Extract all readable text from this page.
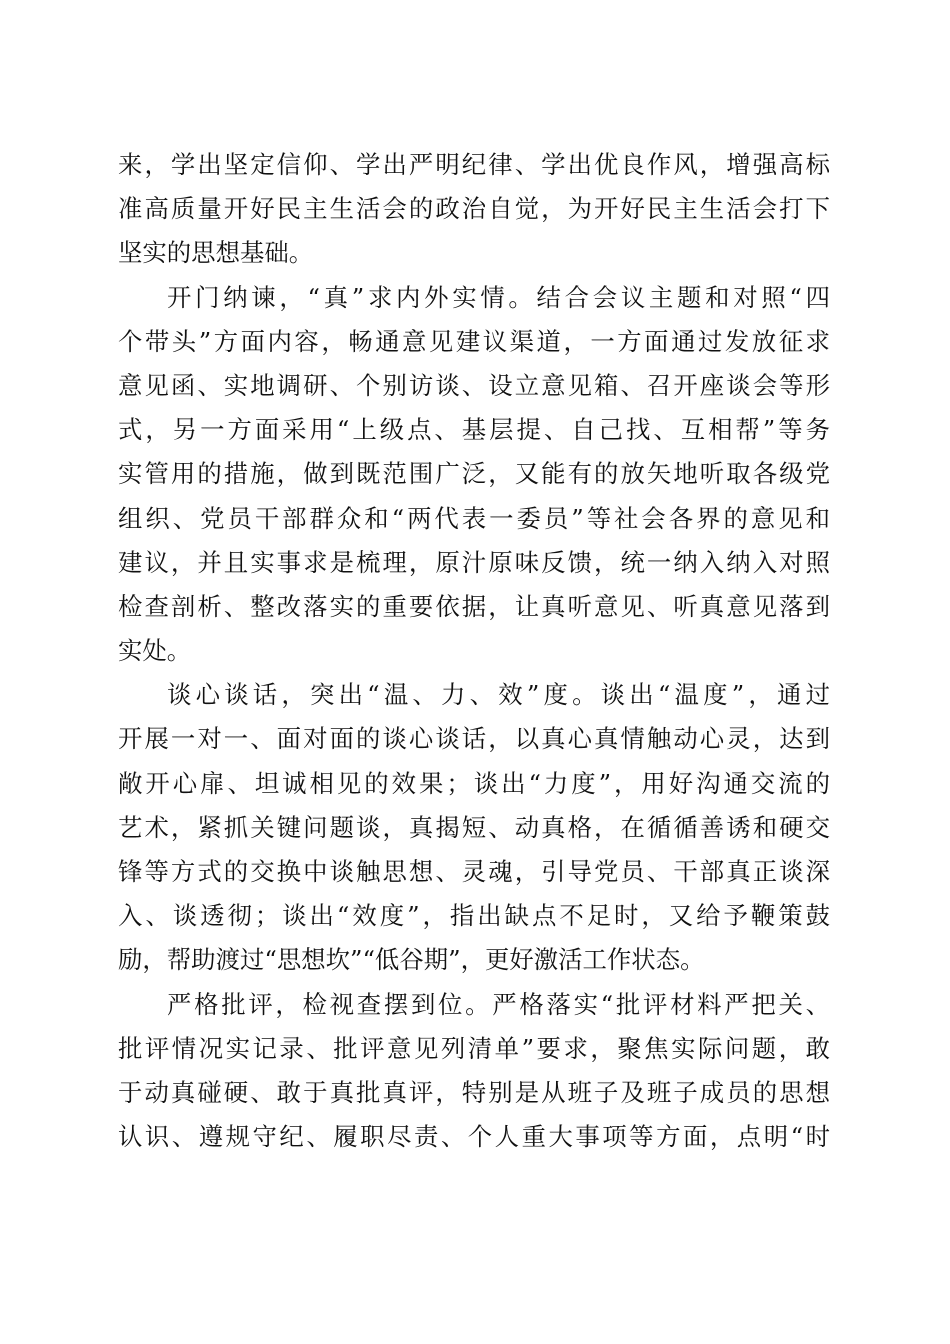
来，学出坚定信仰、学出严明纪律、学出优良作风，增强高标
准高质量开好民主生活会的政治自觉，为开好民主生活会打下
坚实的思想基础。
开门纳谏，“真”求内外实情。结合会议主题和对照“四
个带头”方面内容，畅通意见建议渠道，一方面通过发放征求
意见函、实地调研、个别访谈、设立意见箱、召开座谈会等形
式，另一方面采用“上级点、基层提、自己找、互相帮”等务
实管用的措施，做到既范围广泛，又能有的放矢地听取各级党
组织、党员干部群众和“两代表一委员”等社会各界的意见和
建议，并且实事求是梳理，原汁原味反馈，统一纳入纳入对照
检查剖析、整改落实的重要依据，让真听意见、听真意见落到
实处。
谈心谈话，突出“温、力、效”度。谈出“温度”，通过
开展一对一、面对面的谈心谈话，以真心真情触动心灵，达到
敞开心扉、坦诚相见的效果；谈出“力度”，用好沟通交流的
艺术，紧抓关键问题谈，真揭短、动真格，在循循善诱和硬交
锋等方式的交换中谈触思想、灵魂，引导党员、干部真正谈深
入、谈透彻；谈出“效度”，指出缺点不足时，又给予鞭策鼓
励，帮助渡过“思想坎”“低谷期”，更好激活工作状态。
严格批评，检视查摆到位。严格落实“批评材料严把关、
批评情况实记录、批评意见列清单”要求，聚焦实际问题，敢
于动真碰硬、敢于真批真评，特别是从班子及班子成员的思想
认识、遵规守纪、履职尽责、个人重大事项等方面，点明“时
